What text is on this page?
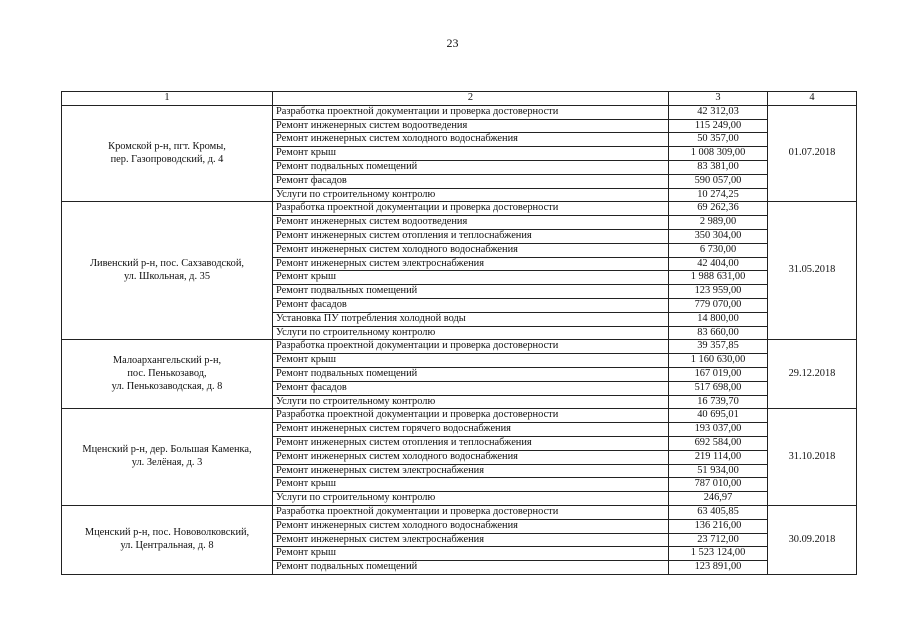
23
1	2	3	4

Кромской р-н, пгт. Кромы,
пер. Газопроводский, д. 4	Разработка проектной документации и проверка достоверности	42 312,03	01.07.2018
	Ремонт инженерных систем водоотведения	115 249,00	
	Ремонт инженерных систем холодного водоснабжения	50 357,00	
	Ремонт крыш	1 008 309,00	
	Ремонт подвальных помещений	83 381,00	
	Ремонт фасадов	590 057,00	
	Услуги по строительному контролю	10 274,25	

Ливенский р-н, пос. Сахзаводской,
ул. Школьная, д. 35	Разработка проектной документации и проверка достоверности	69 262,36	31.05.2018
	Ремонт инженерных систем водоотведения	2 989,00	
	Ремонт инженерных систем отопления и теплоснабжения	350 304,00	
	Ремонт инженерных систем холодного водоснабжения	6 730,00	
	Ремонт инженерных систем электроснабжения	42 404,00	
	Ремонт крыш	1 988 631,00	
	Ремонт подвальных помещений	123 959,00	
	Ремонт фасадов	779 070,00	
	Установка ПУ потребления холодной воды	14 800,00	
	Услуги по строительному контролю	83 660,00	

Малоархангельский р-н,
пос. Пенькозавод,
ул. Пенькозаводская, д. 8	Разработка проектной документации и проверка достоверности	39 357,85	29.12.2018
	Ремонт крыш	1 160 630,00	
	Ремонт подвальных помещений	167 019,00	
	Ремонт фасадов	517 698,00	
	Услуги по строительному контролю	16 739,70	

Мценский р-н, дер. Большая Каменка,
ул. Зелёная, д. 3	Разработка проектной документации и проверка достоверности	40 695,01	31.10.2018
	Ремонт инженерных систем горячего водоснабжения	193 037,00	
	Ремонт инженерных систем отопления и теплоснабжения	692 584,00	
	Ремонт инженерных систем холодного водоснабжения	219 114,00	
	Ремонт инженерных систем электроснабжения	51 934,00	
	Ремонт крыш	787 010,00	
	Услуги по строительному контролю	246,97	

Мценский р-н, пос. Нововолковский,
ул. Центральная, д. 8	Разработка проектной документации и проверка достоверности	63 405,85	30.09.2018
	Ремонт инженерных систем холодного водоснабжения	136 216,00	
	Ремонт инженерных систем электроснабжения	23 712,00	
	Ремонт крыш	1 523 124,00	
	Ремонт подвальных помещений	123 891,00	
